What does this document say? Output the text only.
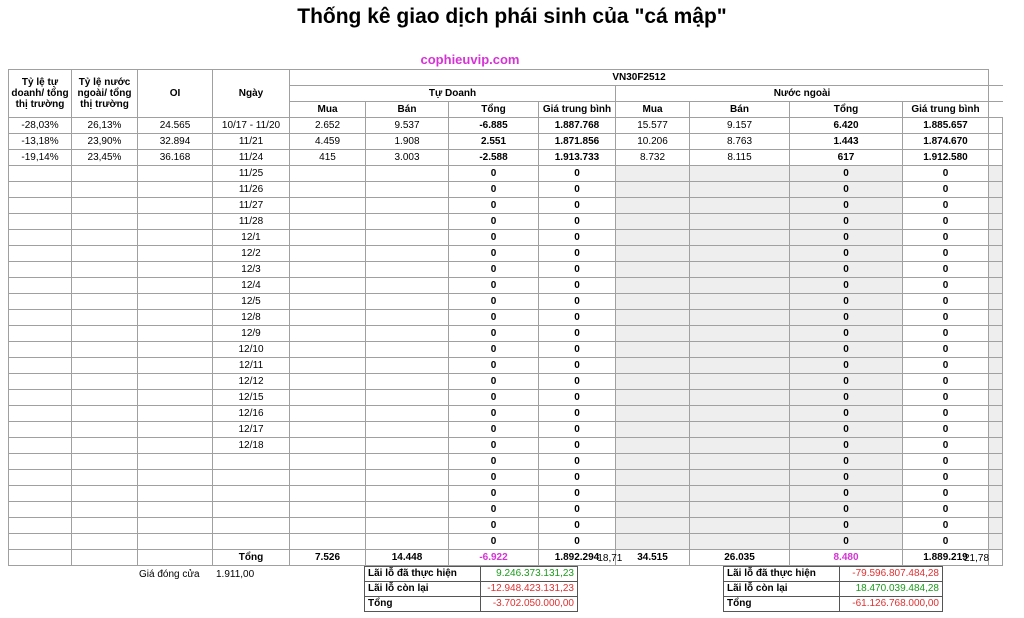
Thống kê giao dịch phái sinh của "cá mập"
cophieuvip.com
Tỷ lệ tự doanh/ tổng thị trường	Tỷ lệ nước ngoài/ tổng thị trường	OI	Ngày	VN30F2512								
				Tự Doanh				Nước ngoài				
				Mua	Bán	Tổng	Giá trung bình	Mua	Bán	Tổng	Giá trung bình	
-28,03%	26,13%	24.565	10/17 - 11/20	2.652	9.537	-6.885	1.887.768	15.577	9.157	6.420	1.885.657	
-13,18%	23,90%	32.894	11/21	4.459	1.908	2.551	1.871.856	10.206	8.763	1.443	1.874.670	
-19,14%	23,45%	36.168	11/24	415	3.003	-2.588	1.913.733	8.732	8.115	617	1.912.580	
			11/25			0	0			0	0	
			11/26			0	0			0	0	
			11/27			0	0			0	0	
			11/28			0	0			0	0	
			12/1			0	0			0	0	
			12/2			0	0			0	0	
			12/3			0	0			0	0	
			12/4			0	0			0	0	
			12/5			0	0			0	0	
			12/8			0	0			0	0	
			12/9			0	0			0	0	
			12/10			0	0			0	0	
			12/11			0	0			0	0	
			12/12			0	0			0	0	
			12/15			0	0			0	0	
			12/16			0	0			0	0	
			12/17			0	0			0	0	
			12/18			0	0			0	0	
						0	0			0	0	
						0	0			0	0	
						0	0			0	0	
						0	0			0	0	
						0	0			0	0	
						0	0			0	0	
			Tổng	7.526	14.448	-6.922	1.892.294	34.515	26.035	8.480	1.889.219	
-18,71	21,78
Giá đóng cửa 1.911,00	Lãi lỗ đã thực hiện	9.246.373.131,23
Lãi lỗ còn lại	-12.948.423.131,23
Tổng	-3.702.050.000,00
Lãi lỗ đã thực hiện	-79.596.807.484,28
Lãi lỗ còn lại	18.470.039.484,28
Tổng	-61.126.768.000,00
